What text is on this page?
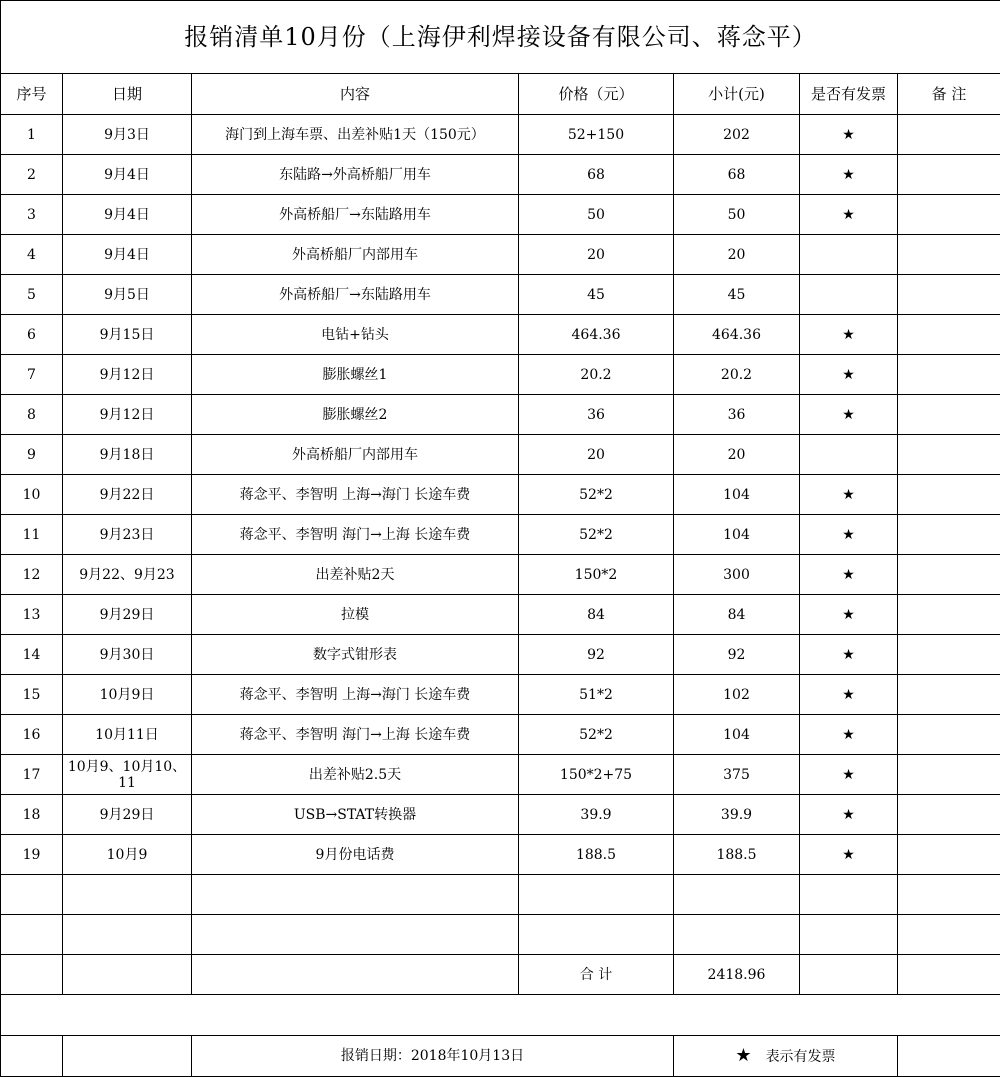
报销清单10月份（上海伊利焊接设备有限公司、蒋念平）						
序号	日期	内容	价格（元）	小计(元)	是否有发票	备 注
1	9月3日	海门到上海车票、出差补贴1天（150元）	52+150	202	★	
2	9月4日	东陆路→外高桥船厂用车	68	68	★	
3	9月4日	外高桥船厂→东陆路用车	50	50	★	
4	9月4日	外高桥船厂内部用车	20	20		
5	9月5日	外高桥船厂→东陆路用车	45	45		
6	9月15日	电钻+钻头	464.36	464.36	★	
7	9月12日	膨胀螺丝1	20.2	20.2	★	
8	9月12日	膨胀螺丝2	36	36	★	
9	9月18日	外高桥船厂内部用车	20	20		
10	9月22日	蒋念平、李智明 上海→海门 长途车费	52*2	104	★	
11	9月23日	蒋念平、李智明 海门→上海 长途车费	52*2	104	★	
12	9月22、9月23	出差补贴2天	150*2	300	★	
13	9月29日	拉模	84	84	★	
14	9月30日	数字式钳形表	92	92	★	
15	10月9日	蒋念平、李智明 上海→海门 长途车费	51*2	102	★	
16	10月11日	蒋念平、李智明 海门→上海 长途车费	52*2	104	★	
17	10月9、10月10、11	出差补贴2.5天	150*2+75	375	★	
18	9月29日	USB→STAT转换器	39.9	39.9	★	
19	10月9	9月份电话费	188.5	188.5	★	

			合 计	2418.96		

		报销日期：2018年10月13日		★ 表示有发票		
